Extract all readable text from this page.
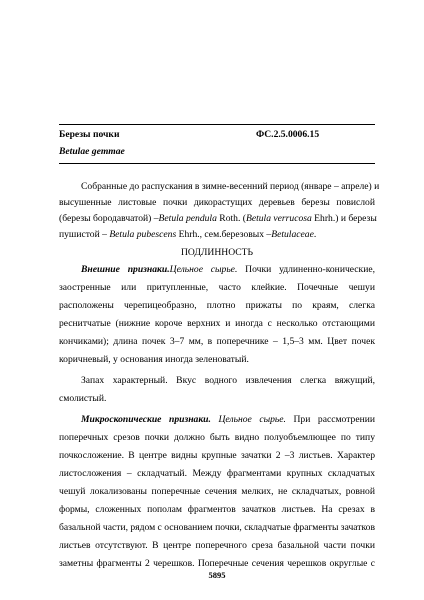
Березы почки	ФС.2.5.0006.15
Betulae gemmae
Собранные до распускания в зимне-весенний период (январе – апреле) и
высушенные листовые почки дикорастущих деревьев березы повислой
(березы бородавчатой) –Betula pendula Roth. (Betula verrucosa Ehrh.) и березы
пушистой – Betula pubescens Ehrh., сем.березовых –Betulaceae.
ПОДЛИННОСТЬ
Внешние признаки.Цельное сырье. Почки удлиненно-конические,
заостренные или притупленные, часто клейкие. Почечные чешуи
расположены черепицеобразно, плотно прижаты по краям, слегка
реснитчатые (нижние короче верхних и иногда с несколько отстающими
кончиками); длина почек 3–7 мм, в поперечнике – 1,5–3 мм. Цвет почек
коричневый, у основания иногда зеленоватый.
Запах характерный. Вкус водного извлечения слегка вяжущий,
смолистый.
Микроскопические признаки. Цельное сырье. При рассмотрении
поперечных срезов почки должно быть видно полуобъемлющее по типу
почкосложение. В центре видны крупные зачатки 2 –3 листьев. Характер
листосложения – складчатый. Между фрагментами крупных складчатых
чешуй локализованы поперечные сечения мелких, не складчатых, ровной
формы, сложенных пополам фрагментов зачатков листьев. На срезах в
базальной части, рядом с основанием почки, складчатые фрагменты зачатков
листьев отсутствуют. В центре поперечного среза базальной части почки
заметны фрагменты 2 черешков. Поперечные сечения черешков округлые с
5895
